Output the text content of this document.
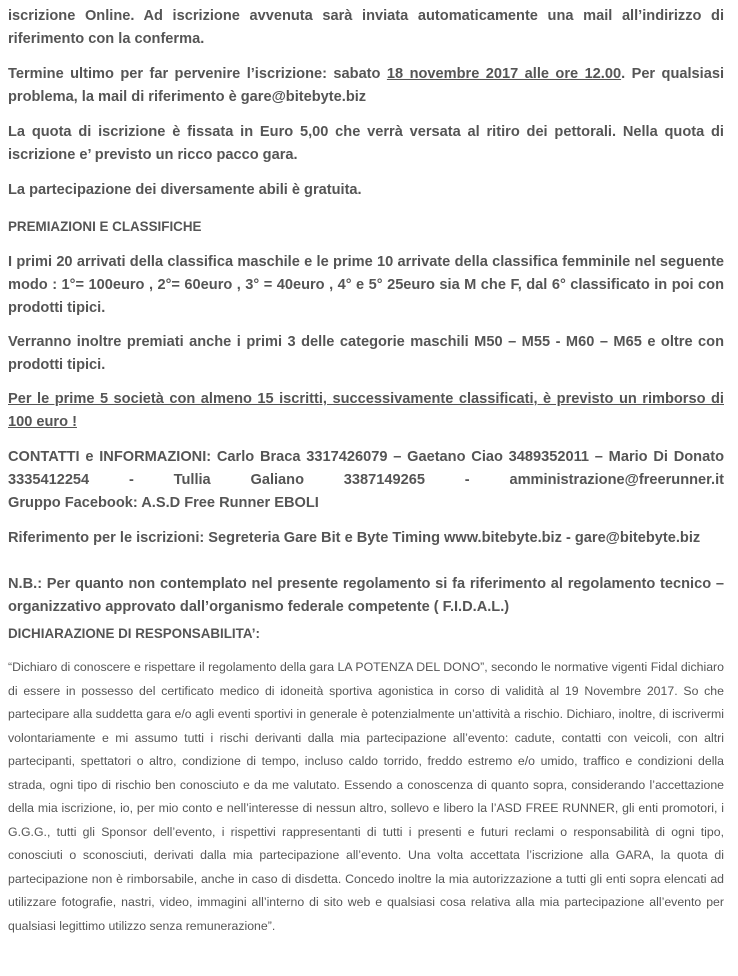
iscrizione Online. Ad iscrizione avvenuta sarà inviata automaticamente una mail all’indirizzo di riferimento con la conferma.

Termine ultimo per far pervenire l’iscrizione: sabato 18 novembre 2017 alle ore 12.00. Per qualsiasi problema, la mail di riferimento è gare@bitebyte.biz

La quota di iscrizione è fissata in Euro 5,00 che verrà versata al ritiro dei pettorali. Nella quota di iscrizione e’ previsto un ricco pacco gara.

La partecipazione dei diversamente abili è gratuita.

PREMIAZIONI E CLASSIFICHE

I primi 20 arrivati della classifica maschile e le prime 10 arrivate della classifica femminile nel seguente modo : 1°= 100euro , 2°= 60euro , 3° = 40euro , 4° e 5° 25euro sia M che F, dal 6° classificato in poi con prodotti tipici.

Verranno inoltre premiati anche i primi 3 delle categorie maschili M50 – M55 - M60 – M65 e oltre con prodotti tipici.

Per le prime 5 società con almeno 15 iscritti, successivamente classificati, è previsto un rimborso di 100 euro !

CONTATTI e INFORMAZIONI: Carlo Braca 3317426079 – Gaetano Ciao 3489352011 – Mario Di Donato

3335412254 - Tullia Galiano 3387149265 - amministrazione@freerunner.it

Gruppo Facebook: A.S.D Free Runner EBOLI

Riferimento per le iscrizioni: Segreteria Gare Bit e Byte Timing www.bitebyte.biz - gare@bitebyte.biz

N.B.: Per quanto non contemplato nel presente regolamento si fa riferimento al regolamento tecnico – organizzativo approvato dall’organismo federale competente ( F.I.D.A.L.)

DICHIARAZIONE DI RESPONSABILITA’:

“Dichiaro di conoscere e rispettare il regolamento della gara LA POTENZA DEL DONO”, secondo le normative vigenti Fidal dichiaro di essere in possesso del certificato medico di idoneità sportiva agonistica in corso di validità al 19 Novembre 2017. So che partecipare alla suddetta gara e/o agli eventi sportivi in generale è potenzialmente un’attività a rischio. Dichiaro, inoltre, di iscrivermi volontariamente e mi assumo tutti i rischi derivanti dalla mia partecipazione all’evento: cadute, contatti con veicoli, con altri partecipanti, spettatori o altro, condizione di tempo, incluso caldo torrido, freddo estremo e/o umido, traffico e condizioni della strada, ogni tipo di rischio ben conosciuto e da me valutato. Essendo a conoscenza di quanto sopra, considerando l’accettazione della mia iscrizione, io, per mio conto e nell’interesse di nessun altro, sollevo e libero la l’ASD FREE RUNNER, gli enti promotori, i G.G.G., tutti gli Sponsor dell’evento, i rispettivi rappresentanti di tutti i presenti e futuri reclami o responsabilità di ogni tipo, conosciuti o sconosciuti, derivati dalla mia partecipazione all’evento. Una volta accettata l’iscrizione alla GARA, la quota di partecipazione non è rimborsabile, anche in caso di disdetta. Concedo inoltre la mia autorizzazione a tutti gli enti sopra elencati ad utilizzare fotografie, nastri, video, immagini all’interno di sito web e qualsiasi cosa relativa alla mia partecipazione all’evento per qualsiasi legittimo utilizzo senza remunerazione”.
